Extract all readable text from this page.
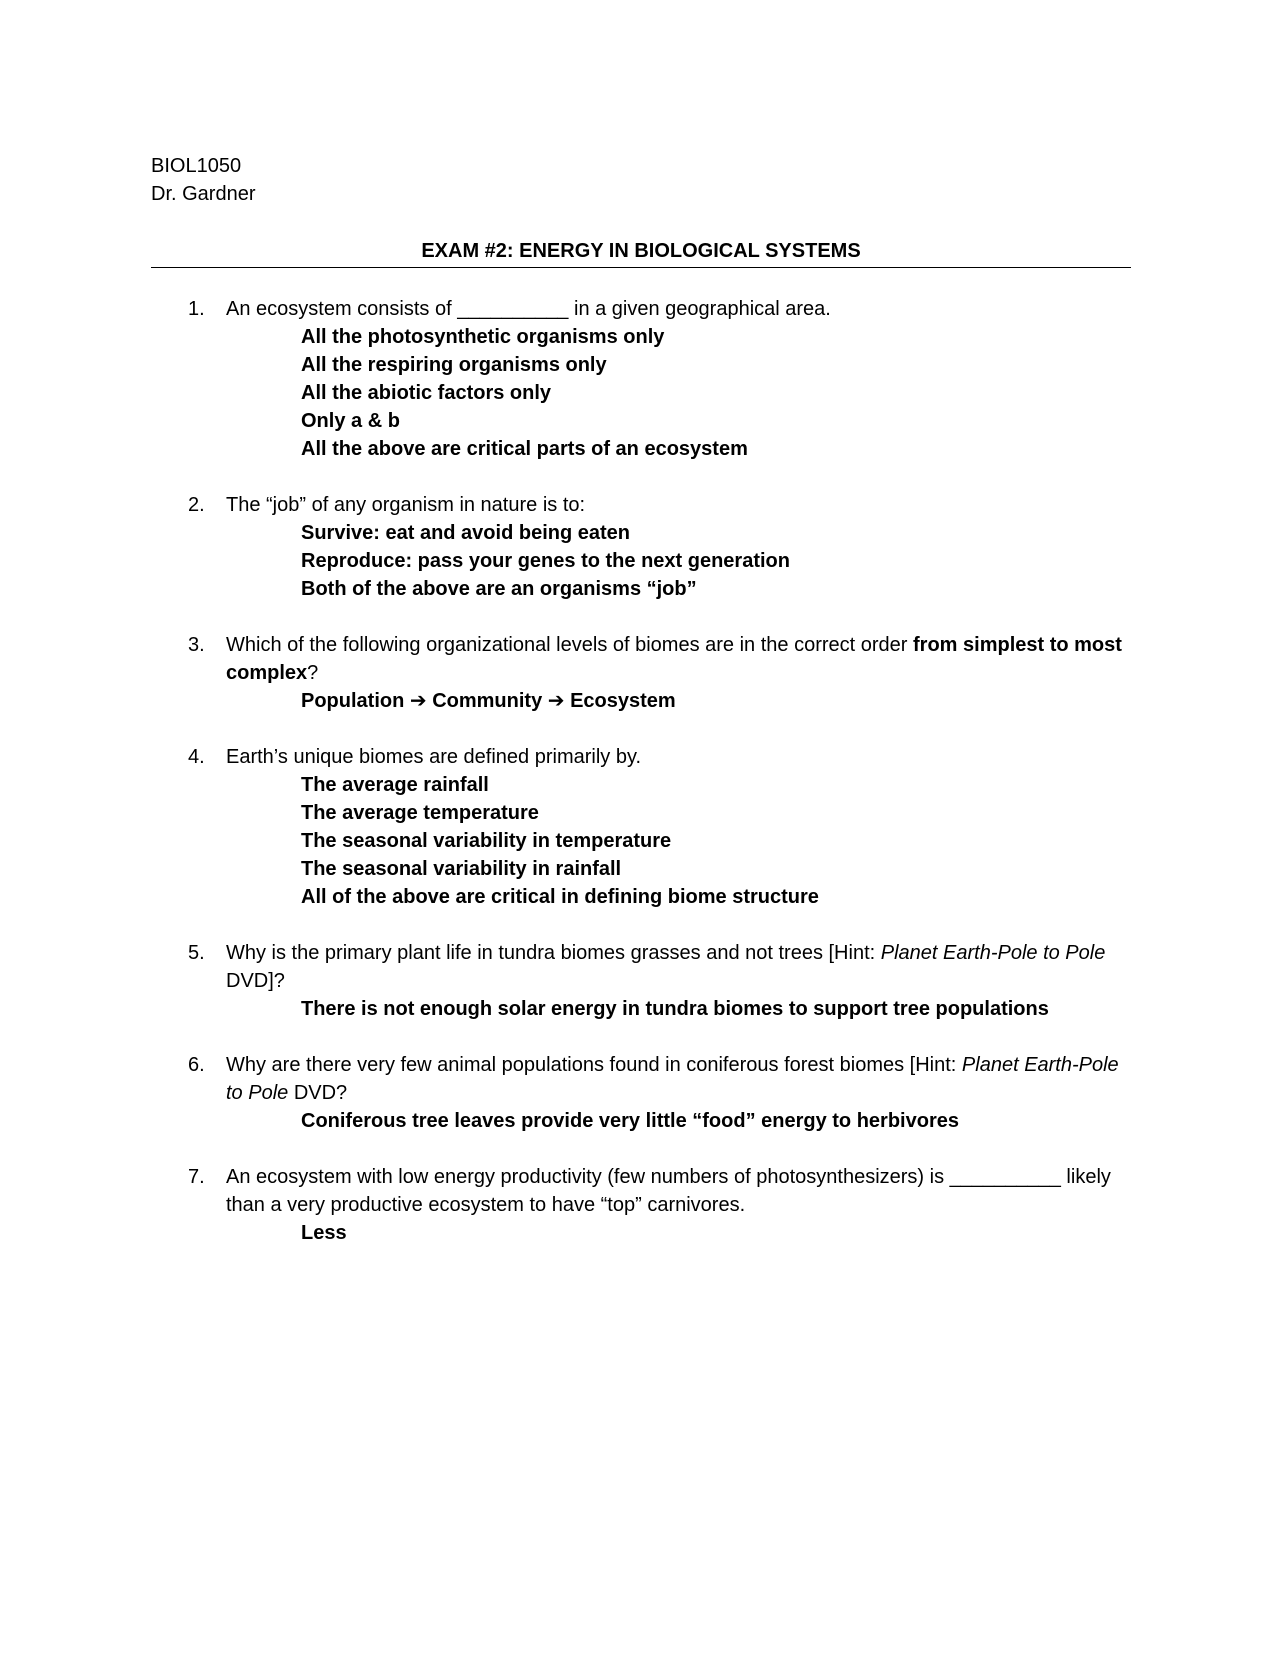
BIOL1050
Dr. Gardner
EXAM #2: ENERGY IN BIOLOGICAL SYSTEMS
1.	An ecosystem consists of __________ in a given geographical area.
All the photosynthetic organisms only
All the respiring organisms only
All the abiotic factors only
Only a & b
All the above are critical parts of an ecosystem
2.	The “job” of any organism in nature is to:
Survive: eat and avoid being eaten
Reproduce: pass your genes to the next generation
Both of the above are an organisms “job”
3.	Which of the following organizational levels of biomes are in the correct order from simplest to most complex?
Population ➔ Community ➔ Ecosystem
4.	Earth’s unique biomes are defined primarily by.
The average rainfall
The average temperature
The seasonal variability in temperature
The seasonal variability in rainfall
All of the above are critical in defining biome structure
5.	Why is the primary plant life in tundra biomes grasses and not trees [Hint: Planet Earth-Pole to Pole DVD]?
There is not enough solar energy in tundra biomes to support tree populations
6.	Why are there very few animal populations found in coniferous forest biomes [Hint: Planet Earth-Pole to Pole DVD?
Coniferous tree leaves provide very little “food” energy to herbivores
7.	An ecosystem with low energy productivity (few numbers of photosynthesizers) is __________ likely than a very productive ecosystem to have “top” carnivores.
Less
